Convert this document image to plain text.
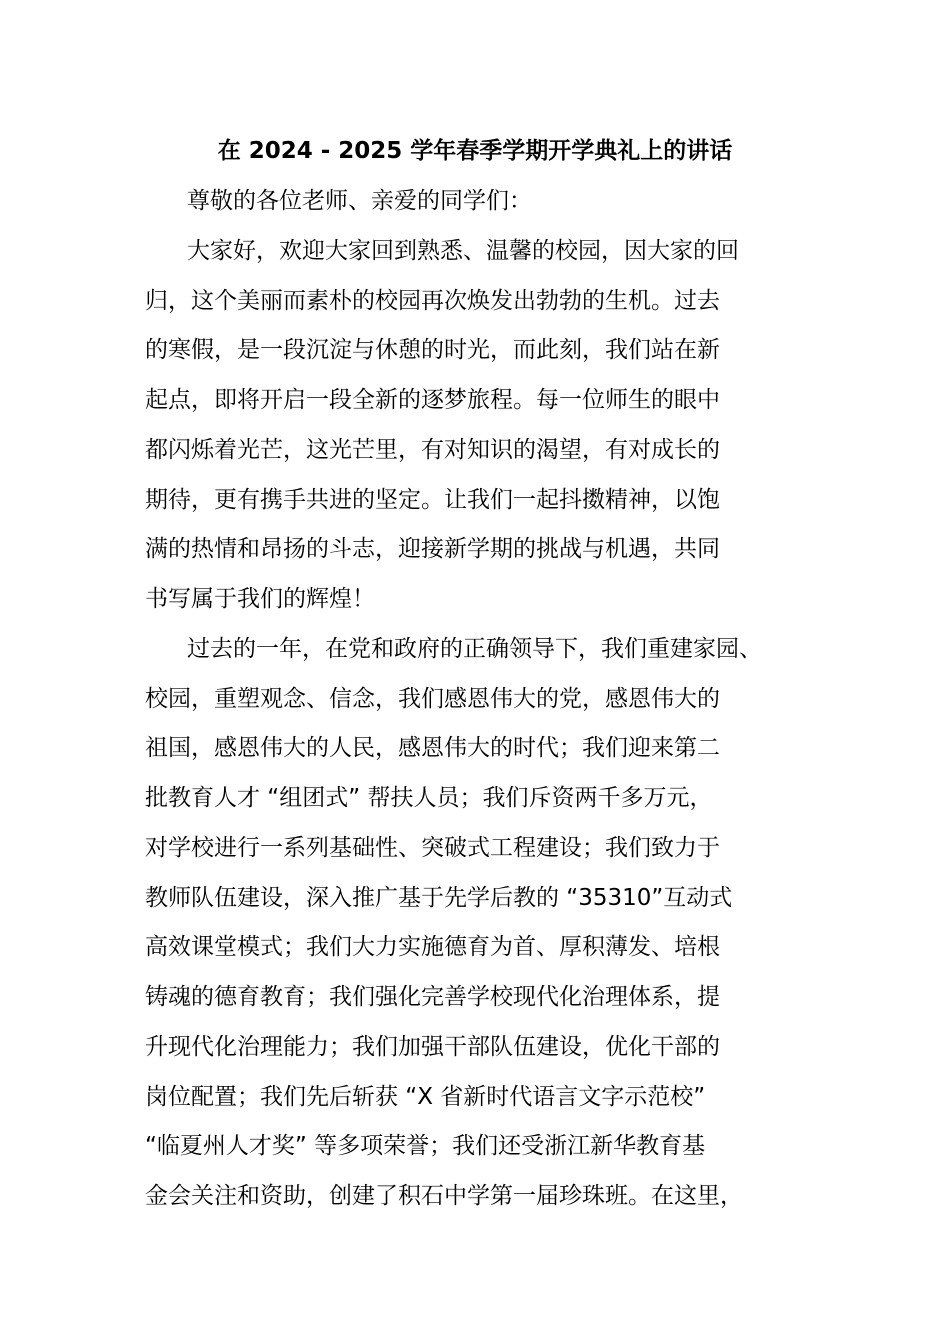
在 2024 - 2025 学年春季学期开学典礼上的讲话
尊敬的各位老师、亲爱的同学们：
大家好，欢迎大家回到熟悉、温馨的校园，因大家的回
归，这个美丽而素朴的校园再次焕发出勃勃的生机。过去
的寒假，是一段沉淀与休憩的时光，而此刻，我们站在新
起点，即将开启一段全新的逐梦旅程。每一位师生的眼中
都闪烁着光芒，这光芒里，有对知识的渴望，有对成长的
期待，更有携手共进的坚定。让我们一起抖擞精神，以饱
满的热情和昂扬的斗志，迎接新学期的挑战与机遇，共同
书写属于我们的辉煌！
过去的一年，在党和政府的正确领导下，我们重建家园、
校园，重塑观念、信念，我们感恩伟大的党，感恩伟大的
祖国，感恩伟大的人民，感恩伟大的时代；我们迎来第二
批教育人才 “组团式” 帮扶人员；我们斥资两千多万元，
对学校进行一系列基础性、突破式工程建设；我们致力于
教师队伍建设，深入推广基于先学后教的 “35310”互动式
高效课堂模式；我们大力实施德育为首、厚积薄发、培根
铸魂的德育教育；我们强化完善学校现代化治理体系，提
升现代化治理能力；我们加强干部队伍建设，优化干部的
岗位配置；我们先后斩获 “X 省新时代语言文字示范校”
“临夏州人才奖” 等多项荣誉；我们还受浙江新华教育基
金会关注和资助，创建了积石中学第一届珍珠班。在这里，
